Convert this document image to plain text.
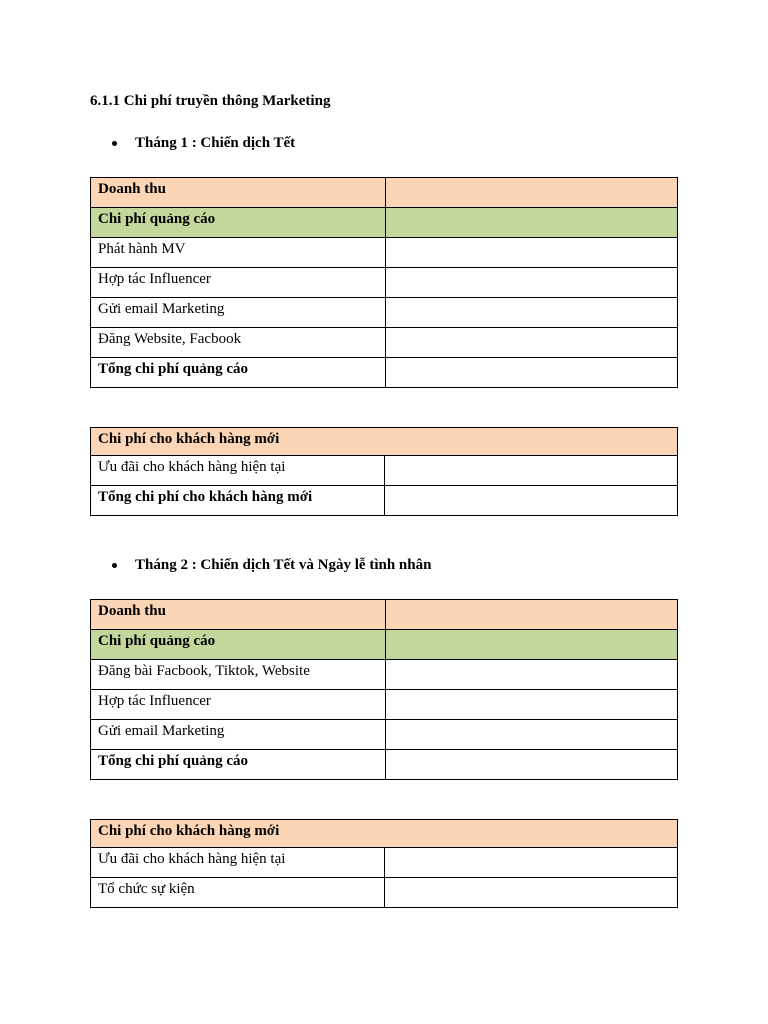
6.1.1 Chi phí truyền thông Marketing
Tháng 1 : Chiến dịch Tết
Doanh thu	
Chi phí quảng cáo	
Phát hành MV	
Hợp tác Influencer	
Gửi email Marketing	
Đăng Website, Facbook	
Tổng chi phí quảng cáo	
Chi phí cho khách hàng mới	
Ưu đãi cho khách hàng hiện tại	
Tổng chi phí cho khách hàng mới	
Tháng 2 : Chiến dịch Tết và Ngày lễ tình nhân
Doanh thu	
Chi phí quảng cáo	
Đăng bài Facbook, Tiktok, Website	
Hợp tác Influencer	
Gửi email Marketing	
Tổng chi phí quảng cáo	
Chi phí cho khách hàng mới	
Ưu đãi cho khách hàng hiện tại	
Tổ chức sự kiện	
